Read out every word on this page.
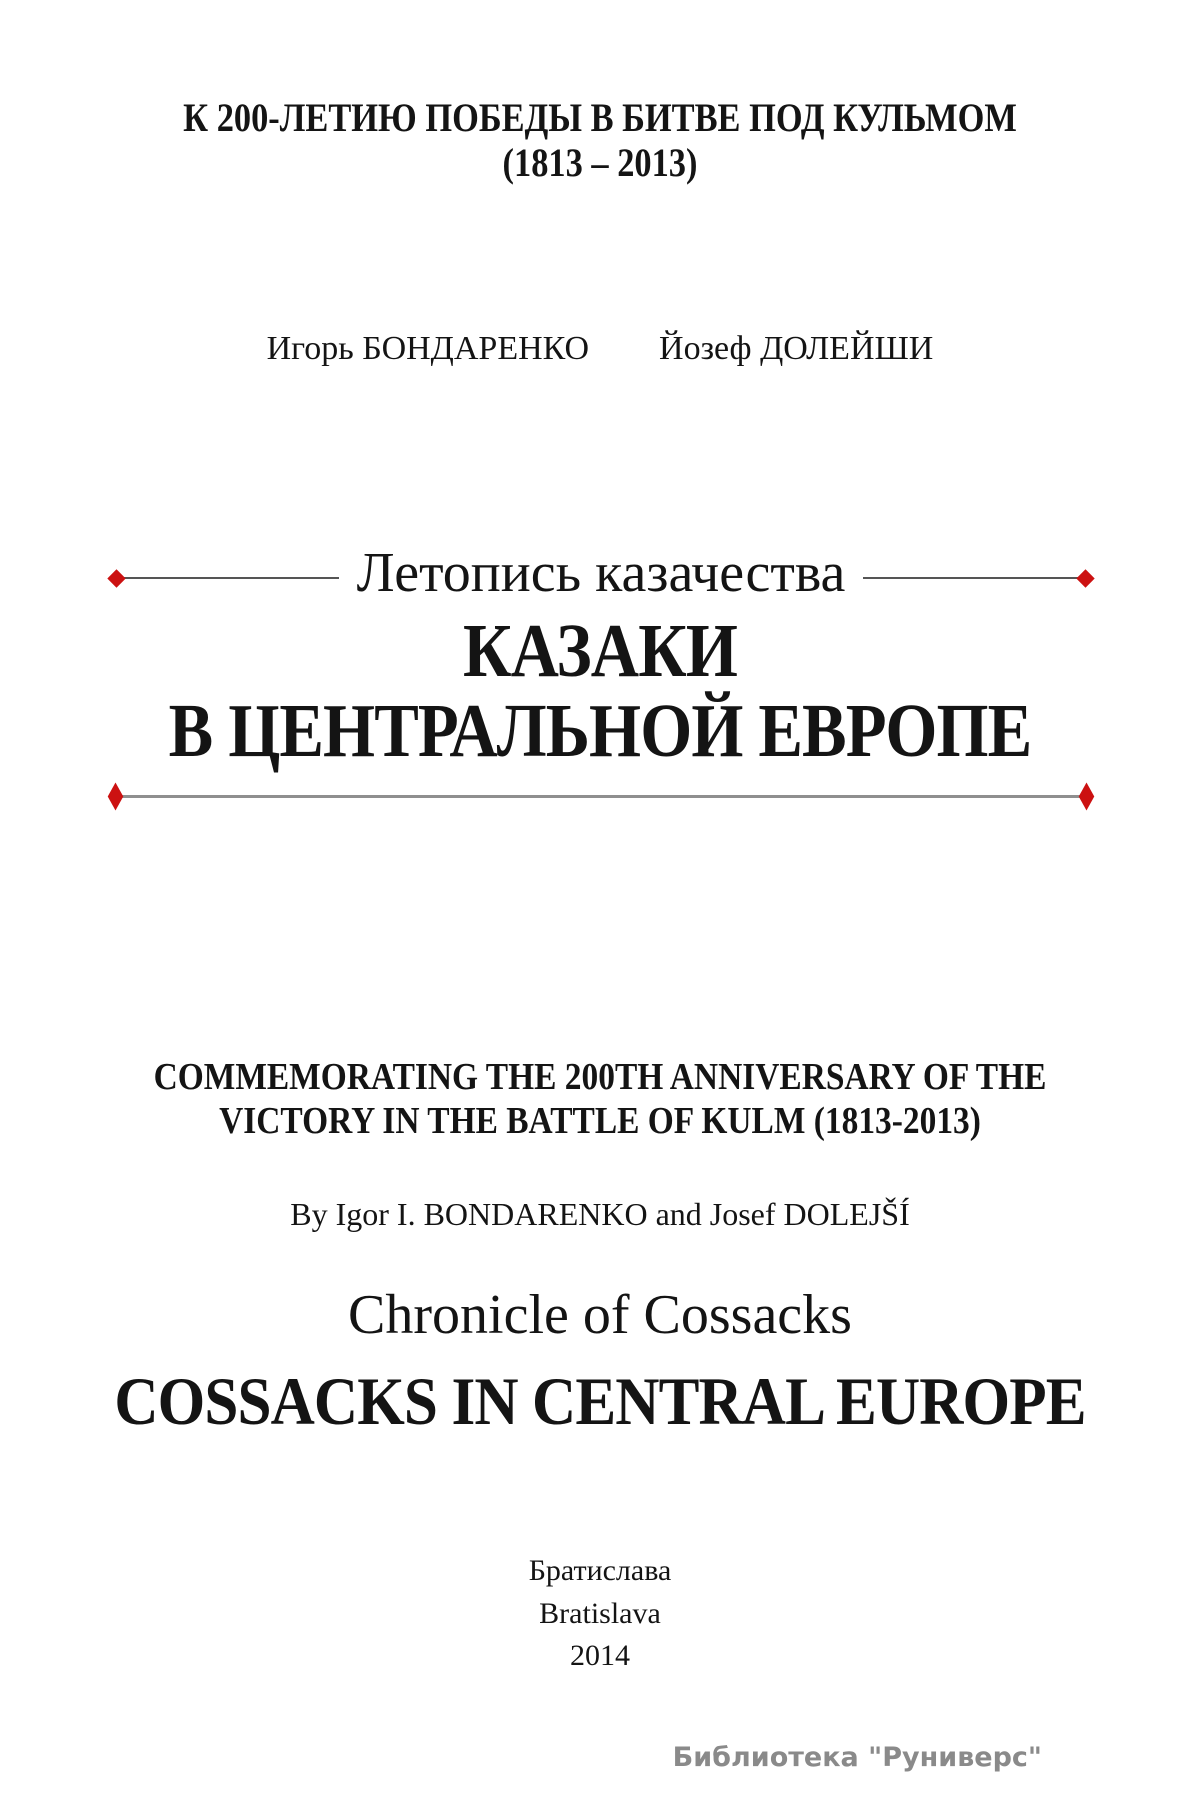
К 200-ЛЕТИЮ ПОБЕДЫ В БИТВЕ ПОД КУЛЬМОМ
(1813 – 2013)
Игорь БОНДАРЕНКО Йозеф ДОЛЕЙШИ
Летопись казачества
КАЗАКИ
В ЦЕНТРАЛЬНОЙ ЕВРОПЕ
COMMEMORATING THE 200TH ANNIVERSARY OF THE
VICTORY IN THE BATTLE OF KULM (1813-2013)
By Igor I. BONDARENKO and Josef DOLEJŠÍ
Chronicle of Cossacks
COSSACKS IN CENTRAL EUROPE
Братислава
Bratislava
2014
Библиотека "Руниверс"
